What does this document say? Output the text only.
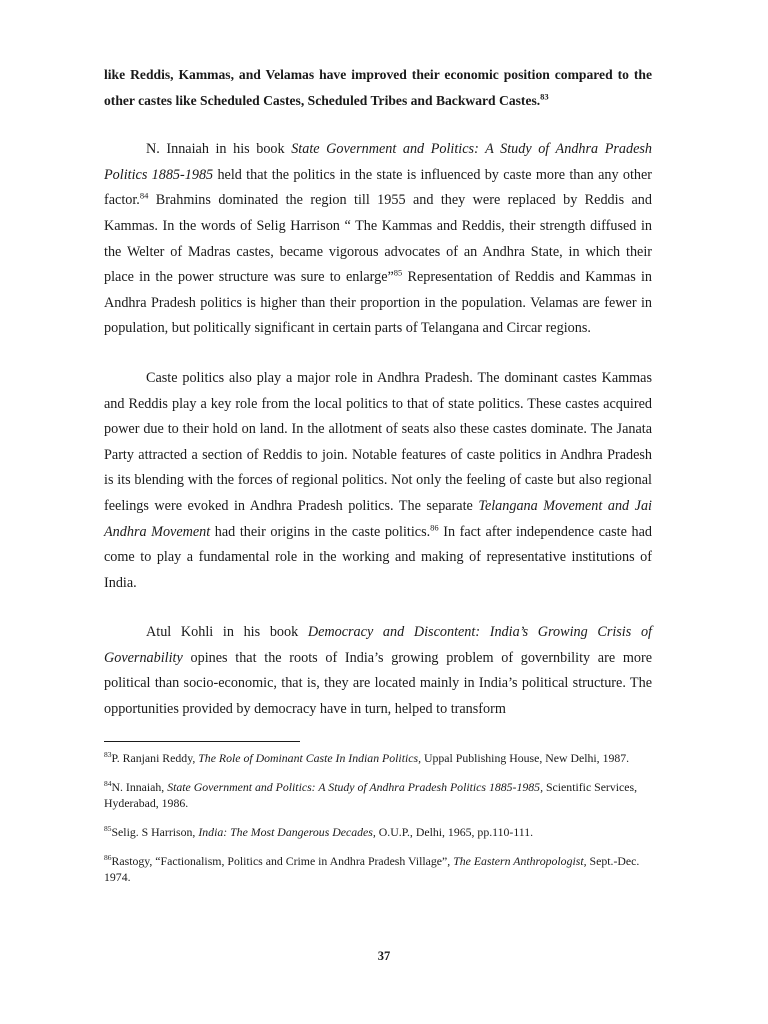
like Reddis, Kammas, and Velamas have improved their economic position compared to the other castes like Scheduled Castes, Scheduled Tribes and Backward Castes.$^{83}$

N. Innaiah in his book State Government and Politics: A Study of Andhra Pradesh Politics 1885-1985 held that the politics in the state is influenced by caste more than any other factor.$^{84}$ Brahmins dominated the region till 1955 and they were replaced by Reddis and Kammas. In the words of Selig Harrison “ The Kammas and Reddis, their strength diffused in the Welter of Madras castes, became vigorous advocates of an Andhra State, in which their place in the power structure was sure to enlarge”$^{85}$ Representation of Reddis and Kammas in Andhra Pradesh politics is higher than their proportion in the population. Velamas are fewer in population, but politically significant in certain parts of Telangana and Circar regions.

Caste politics also play a major role in Andhra Pradesh. The dominant castes Kammas and Reddis play a key role from the local politics to that of state politics. These castes acquired power due to their hold on land. In the allotment of seats also these castes dominate. The Janata Party attracted a section of Reddis to join. Notable features of caste politics in Andhra Pradesh is its blending with the forces of regional politics. Not only the feeling of caste but also regional feelings were evoked in Andhra Pradesh politics. The separate Telangana Movement and Jai Andhra Movement had their origins in the caste politics.$^{86}$ In fact after independence caste had come to play a fundamental role in the working and making of representative institutions of India.

Atul Kohli in his book Democracy and Discontent: India’s Growing Crisis of Governability opines that the roots of India’s growing problem of governbility are more political than socio-economic, that is, they are located mainly in India’s political structure. The opportunities provided by democracy have in turn, helped to transform

$^{83}$P. Ranjani Reddy, The Role of Dominant Caste In Indian Politics, Uppal Publishing House, New Delhi, 1987.

$^{84}$N. Innaiah, State Government and Politics: A Study of Andhra Pradesh Politics 1885-1985, Scientific Services, Hyderabad, 1986.

$^{85}$Selig. S Harrison, India: The Most Dangerous Decades, O.U.P., Delhi, 1965, pp.110-111.

$^{86}$Rastogy, “Factionalism, Politics and Crime in Andhra Pradesh Village”, The Eastern Anthropologist, Sept.-Dec. 1974.

37
